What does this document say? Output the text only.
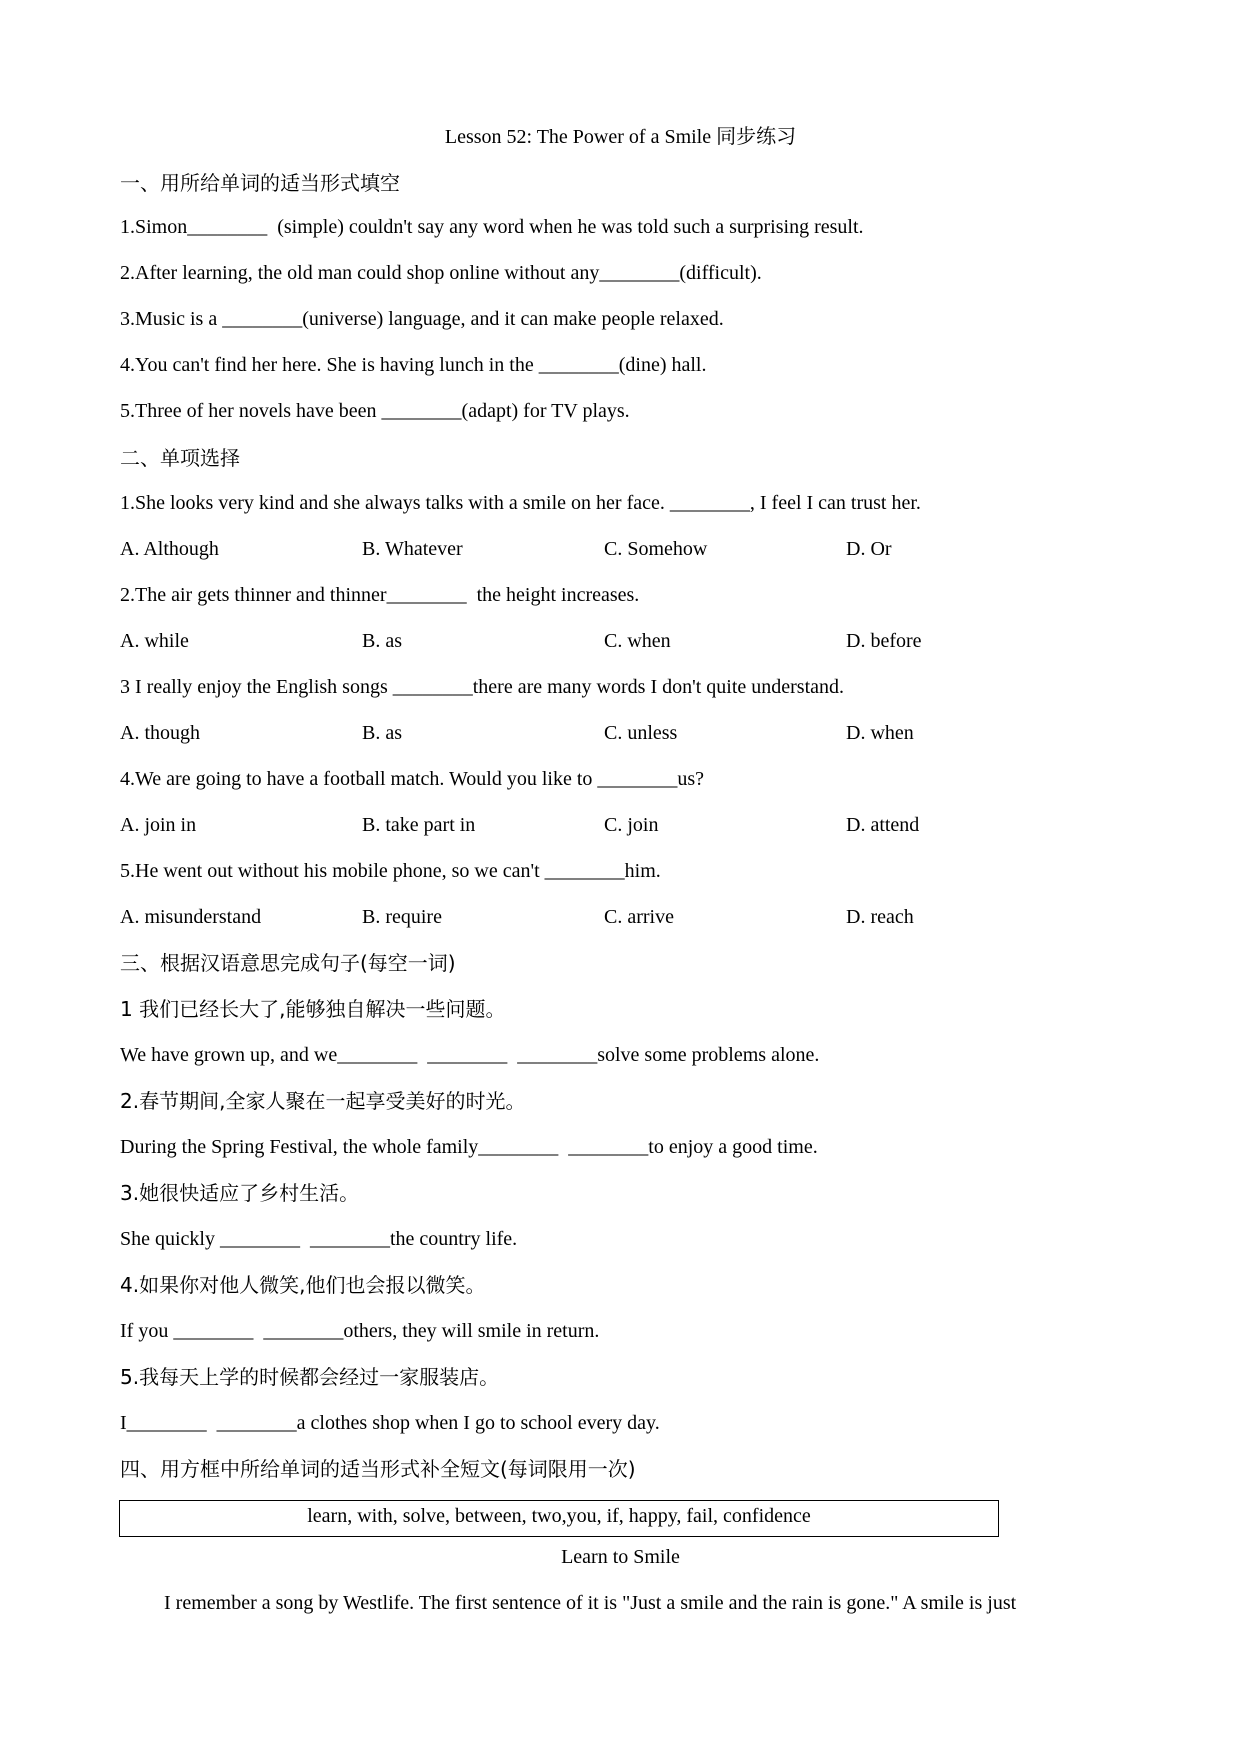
Lesson 52: The Power of a Smile 同步练习
一、用所给单词的适当形式填空
1.Simon________  (simple) couldn't say any word when he was told such a surprising result.
2.After learning, the old man could shop online without any________(difficult).
3.Music is a ________(universe) language, and it can make people relaxed.
4.You can't find her here. She is having lunch in the ________(dine) hall.
5.Three of her novels have been ________(adapt) for TV plays.
二、单项选择
1.She looks very kind and she always talks with a smile on her face. ________, I feel I can trust her.
A. Although	B. Whatever	C. Somehow	D. Or
2.The air gets thinner and thinner________  the height increases.
A. while	B. as	C. when	D. before
3 I really enjoy the English songs ________there are many words I don't quite understand.
A. though	B. as	C. unless	D. when
4.We are going to have a football match. Would you like to ________us?
A. join in	B. take part in	C. join	D. attend
5.He went out without his mobile phone, so we can't ________him.
A. misunderstand	B. require	C. arrive	D. reach
三、根据汉语意思完成句子(每空一词)
1 我们已经长大了,能够独自解决一些问题。
We have grown up, and we________  ________  ________solve some problems alone.
2.春节期间,全家人聚在一起享受美好的时光。
During the Spring Festival, the whole family________  ________to enjoy a good time.
3.她很快适应了乡村生活。
She quickly ________  ________the country life.
4.如果你对他人微笑,他们也会报以微笑。
If you ________  ________others, they will smile in return.
5.我每天上学的时候都会经过一家服装店。
I________  ________a clothes shop when I go to school every day.
四、用方框中所给单词的适当形式补全短文(每词限用一次)
learn, with, solve, between, two,you, if, happy, fail, confidence
Learn to Smile
I remember a song by Westlife. The first sentence of it is "Just a smile and the rain is gone." A smile is just
